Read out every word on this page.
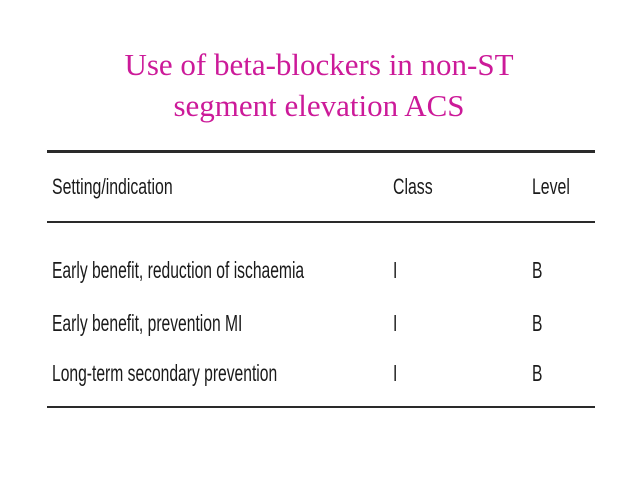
Use of beta-blockers in non-ST
segment elevation ACS
Setting/indication	Class	Level
Early benefit, reduction of ischaemia	I	B
Early benefit, prevention MI	I	B
Long-term secondary prevention	I	B
